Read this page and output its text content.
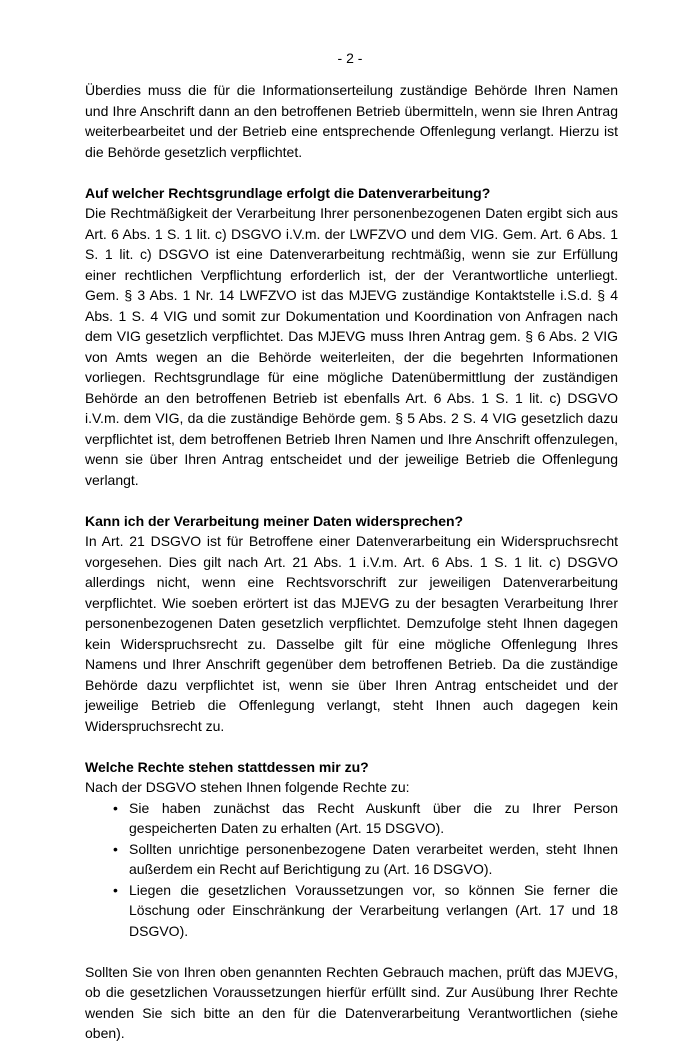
- 2 -

Überdies muss die für die Informationserteilung zuständige Behörde Ihren Namen und Ihre Anschrift dann an den betroffenen Betrieb übermitteln, wenn sie Ihren Antrag weiterbearbeitet und der Betrieb eine entsprechende Offenlegung verlangt. Hierzu ist die Behörde gesetzlich verpflichtet.

Auf welcher Rechtsgrundlage erfolgt die Datenverarbeitung?

Die Rechtmäßigkeit der Verarbeitung Ihrer personenbezogenen Daten ergibt sich aus Art. 6 Abs. 1 S. 1 lit. c) DSGVO i.V.m. der LWFZVO und dem VIG. Gem. Art. 6 Abs. 1 S. 1 lit. c) DSGVO ist eine Datenverarbeitung rechtmäßig, wenn sie zur Erfüllung einer rechtlichen Verpflichtung erforderlich ist, der der Verantwortliche unterliegt. Gem. § 3 Abs. 1 Nr. 14 LWFZVO ist das MJEVG zuständige Kontaktstelle i.S.d. § 4 Abs. 1 S. 4 VIG und somit zur Dokumentation und Koordination von Anfragen nach dem VIG gesetzlich verpflichtet. Das MJEVG muss Ihren Antrag gem. § 6 Abs. 2 VIG von Amts wegen an die Behörde weiterleiten, der die begehrten Informationen vorliegen. Rechtsgrundlage für eine mögliche Datenübermittlung der zuständigen Behörde an den betroffenen Betrieb ist ebenfalls Art. 6 Abs. 1 S. 1 lit. c) DSGVO i.V.m. dem VIG, da die zuständige Behörde gem. § 5 Abs. 2 S. 4 VIG gesetzlich dazu verpflichtet ist, dem betroffenen Betrieb Ihren Namen und Ihre Anschrift offenzulegen, wenn sie über Ihren Antrag entscheidet und der jeweilige Betrieb die Offenlegung verlangt.

Kann ich der Verarbeitung meiner Daten widersprechen?

In Art. 21 DSGVO ist für Betroffene einer Datenverarbeitung ein Widerspruchsrecht vorgesehen. Dies gilt nach Art. 21 Abs. 1 i.V.m. Art. 6 Abs. 1 S. 1 lit. c) DSGVO allerdings nicht, wenn eine Rechtsvorschrift zur jeweiligen Datenverarbeitung verpflichtet. Wie soeben erörtert ist das MJEVG zu der besagten Verarbeitung Ihrer personenbezogenen Daten gesetzlich verpflichtet. Demzufolge steht Ihnen dagegen kein Widerspruchsrecht zu. Dasselbe gilt für eine mögliche Offenlegung Ihres Namens und Ihrer Anschrift gegenüber dem betroffenen Betrieb. Da die zuständige Behörde dazu verpflichtet ist, wenn sie über Ihren Antrag entscheidet und der jeweilige Betrieb die Offenlegung verlangt, steht Ihnen auch dagegen kein Widerspruchsrecht zu.

Welche Rechte stehen stattdessen mir zu?

Nach der DSGVO stehen Ihnen folgende Rechte zu:

• Sie haben zunächst das Recht Auskunft über die zu Ihrer Person gespeicherten Daten zu erhalten (Art. 15 DSGVO).
• Sollten unrichtige personenbezogene Daten verarbeitet werden, steht Ihnen außerdem ein Recht auf Berichtigung zu (Art. 16 DSGVO).
• Liegen die gesetzlichen Voraussetzungen vor, so können Sie ferner die Löschung oder Einschränkung der Verarbeitung verlangen (Art. 17 und 18 DSGVO).

Sollten Sie von Ihren oben genannten Rechten Gebrauch machen, prüft das MJEVG, ob die gesetzlichen Voraussetzungen hierfür erfüllt sind. Zur Ausübung Ihrer Rechte wenden Sie sich bitte an den für die Datenverarbeitung Verantwortlichen (siehe oben).
